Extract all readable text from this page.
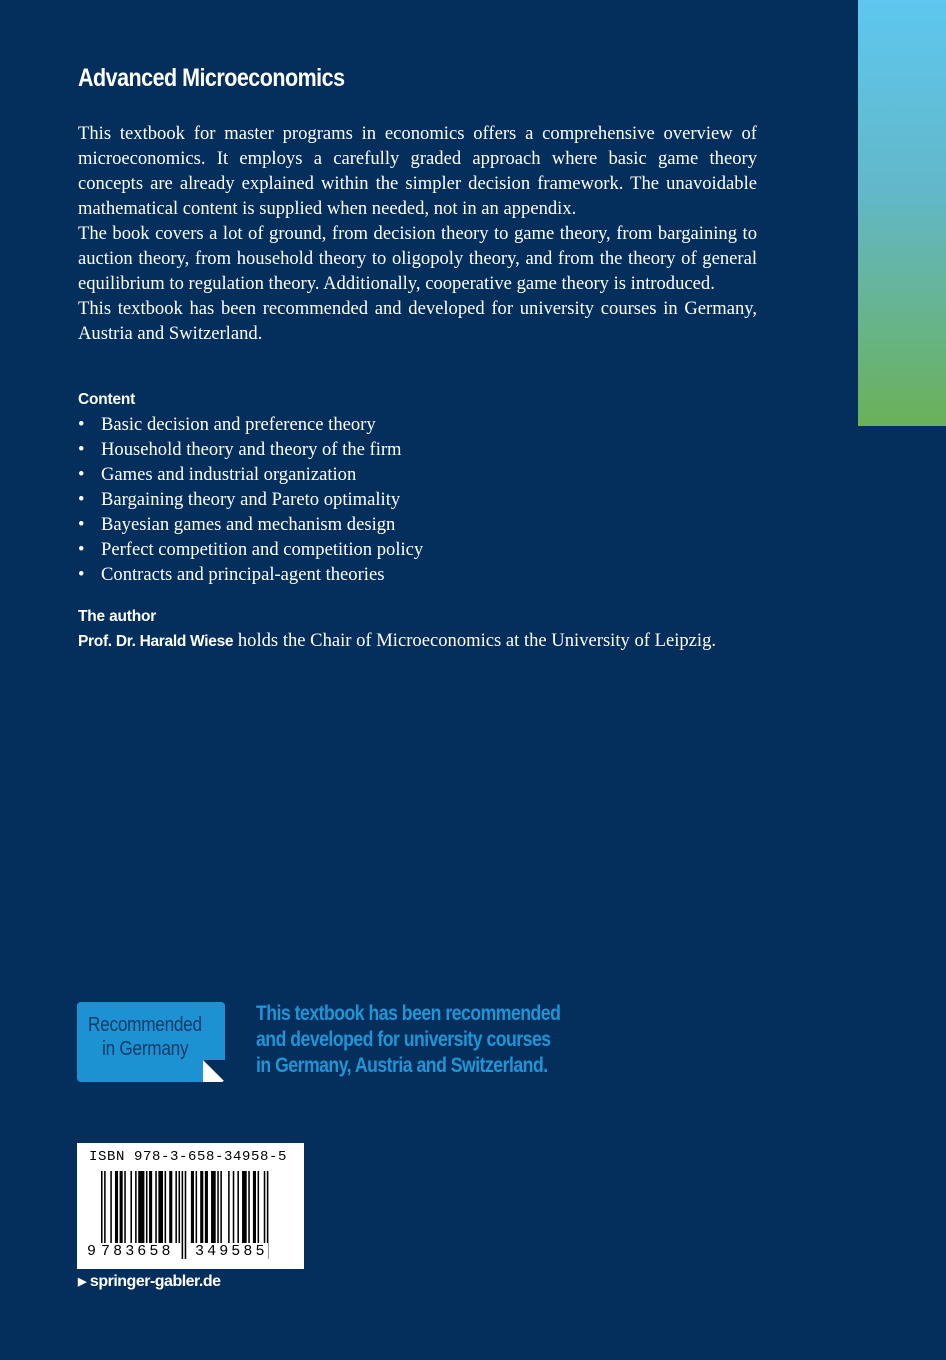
Advanced Microeconomics

This textbook for master programs in economics offers a comprehensive overview of microeconomics. It employs a carefully graded approach where basic game theory concepts are already explained within the simpler decision framework. The unavoidable mathematical content is supplied when needed, not in an appendix.

The book covers a lot of ground, from decision theory to game theory, from bargaining to auction theory, from household theory to oligopoly theory, and from the theory of general equilibrium to regulation theory. Additionally, cooperative game theory is introduced.

This textbook has been recommended and developed for university courses in Germany, Austria and Switzerland.

Content
• Basic decision and preference theory
• Household theory and theory of the firm
• Games and industrial organization
• Bargaining theory and Pareto optimality
• Bayesian games and mechanism design
• Perfect competition and competition policy
• Contracts and principal-agent theories
The author
Prof. Dr. Harald Wiese holds the Chair of Microeconomics at the University of Leipzig.
Recommended
in Germany
This textbook has been recommended
and developed for university courses
in Germany, Austria and Switzerland.
ISBN 978-3-658-34958-5
9 783658 349585
▶ springer-gabler.de
